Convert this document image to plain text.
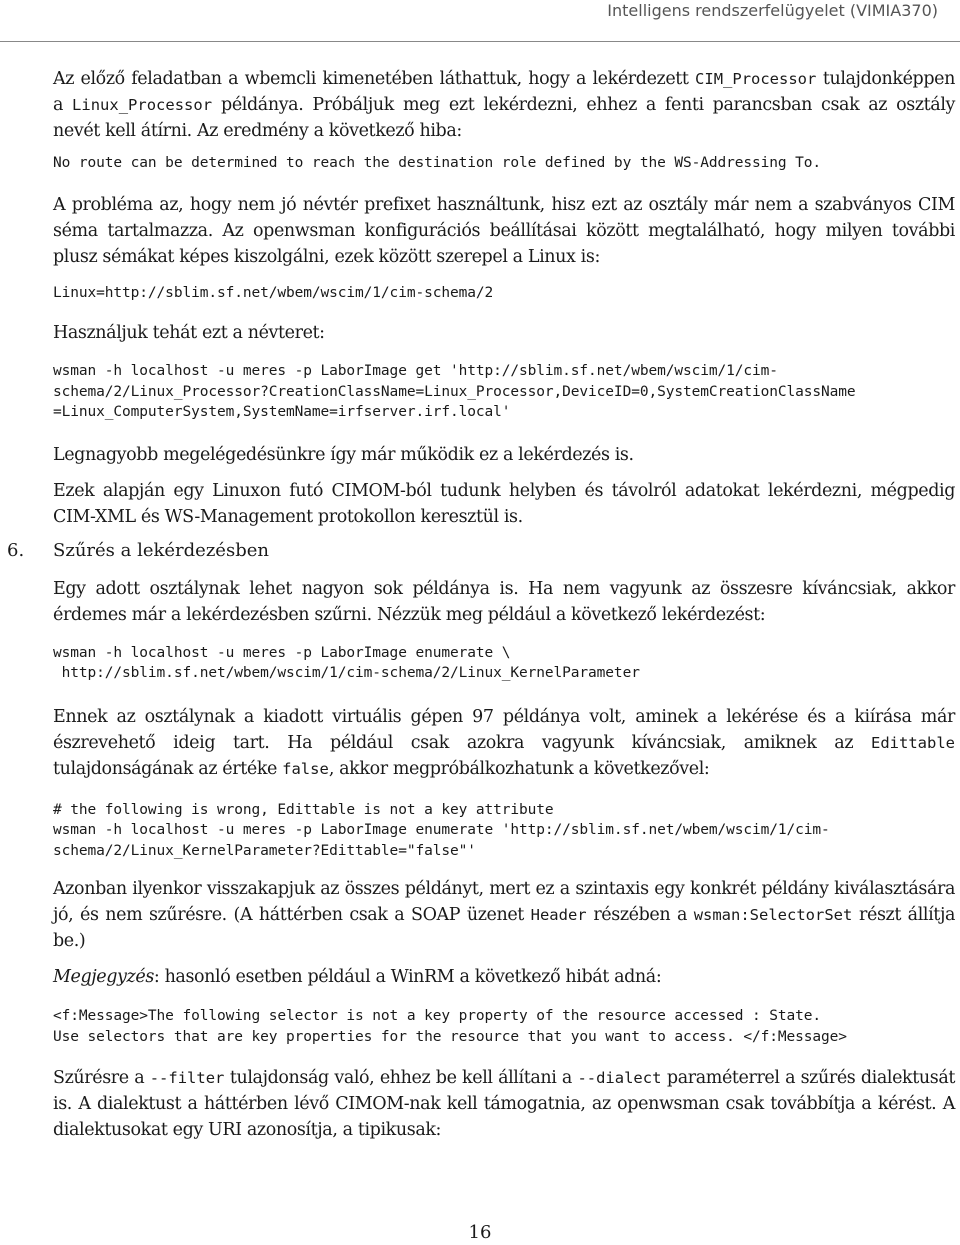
Intelligens rendszerfelügyelet (VIMIA370)

Az előző feladatban a wbemcli kimenetében láthattuk, hogy a lekérdezett CIM_Processor tulajdonképpen a Linux_Processor példánya. Próbáljuk meg ezt lekérdezni, ehhez a fenti parancsban csak az osztály nevét kell átírni. Az eredmény a következő hiba:

No route can be determined to reach the destination role defined by the WS-Addressing To.

A probléma az, hogy nem jó névtér prefixet használtunk, hisz ezt az osztály már nem a szabványos CIM séma tartalmazza. Az openwsman konfigurációs beállításai között megtalálható, hogy milyen további plusz sémákat képes kiszolgálni, ezek között szerepel a Linux is:

Linux=http://sblim.sf.net/wbem/wscim/1/cim-schema/2

Használjuk tehát ezt a névteret:

wsman -h localhost -u meres -p LaborImage get 'http://sblim.sf.net/wbem/wscim/1/cim-
schema/2/Linux_Processor?CreationClassName=Linux_Processor,DeviceID=0,SystemCreationClassName
=Linux_ComputerSystem,SystemName=irfserver.irf.local'

Legnagyobb megelégedésünkre így már működik ez a lekérdezés is.

Ezek alapján egy Linuxon futó CIMOM-ból tudunk helyben és távolról adatokat lekérdezni, mégpedig CIM-XML és WS-Management protokollon keresztül is.

6. Szűrés a lekérdezésben

Egy adott osztálynak lehet nagyon sok példánya is. Ha nem vagyunk az összesre kíváncsiak, akkor érdemes már a lekérdezésben szűrni. Nézzük meg például a következő lekérdezést:

wsman -h localhost -u meres -p LaborImage enumerate \
http://sblim.sf.net/wbem/wscim/1/cim-schema/2/Linux_KernelParameter

Ennek az osztálynak a kiadott virtuális gépen 97 példánya volt, aminek a lekérése és a kiírása már észrevehető ideig tart. Ha például csak azokra vagyunk kíváncsiak, amiknek az Edittable tulajdonságának az értéke false, akkor megpróbálkozhatunk a következővel:

# the following is wrong, Edittable is not a key attribute
wsman -h localhost -u meres -p LaborImage enumerate 'http://sblim.sf.net/wbem/wscim/1/cim-
schema/2/Linux_KernelParameter?Edittable="false"'

Azonban ilyenkor visszakapjuk az összes példányt, mert ez a szintaxis egy konkrét példány kiválasztására jó, és nem szűrésre. (A háttérben csak a SOAP üzenet Header részében a wsman:SelectorSet részt állítja be.)

Megjegyzés: hasonló esetben például a WinRM a következő hibát adná:

<f:Message>The following selector is not a key property of the resource accessed : State.
Use selectors that are key properties for the resource that you want to access. </f:Message>

Szűrésre a --filter tulajdonság való, ehhez be kell állítani a --dialect paraméterrel a szűrés dialektusát is. A dialektust a háttérben lévő CIMOM-nak kell támogatnia, az openwsman csak továbbítja a kérést. A dialektusokat egy URI azonosítja, a tipikusak:

16
